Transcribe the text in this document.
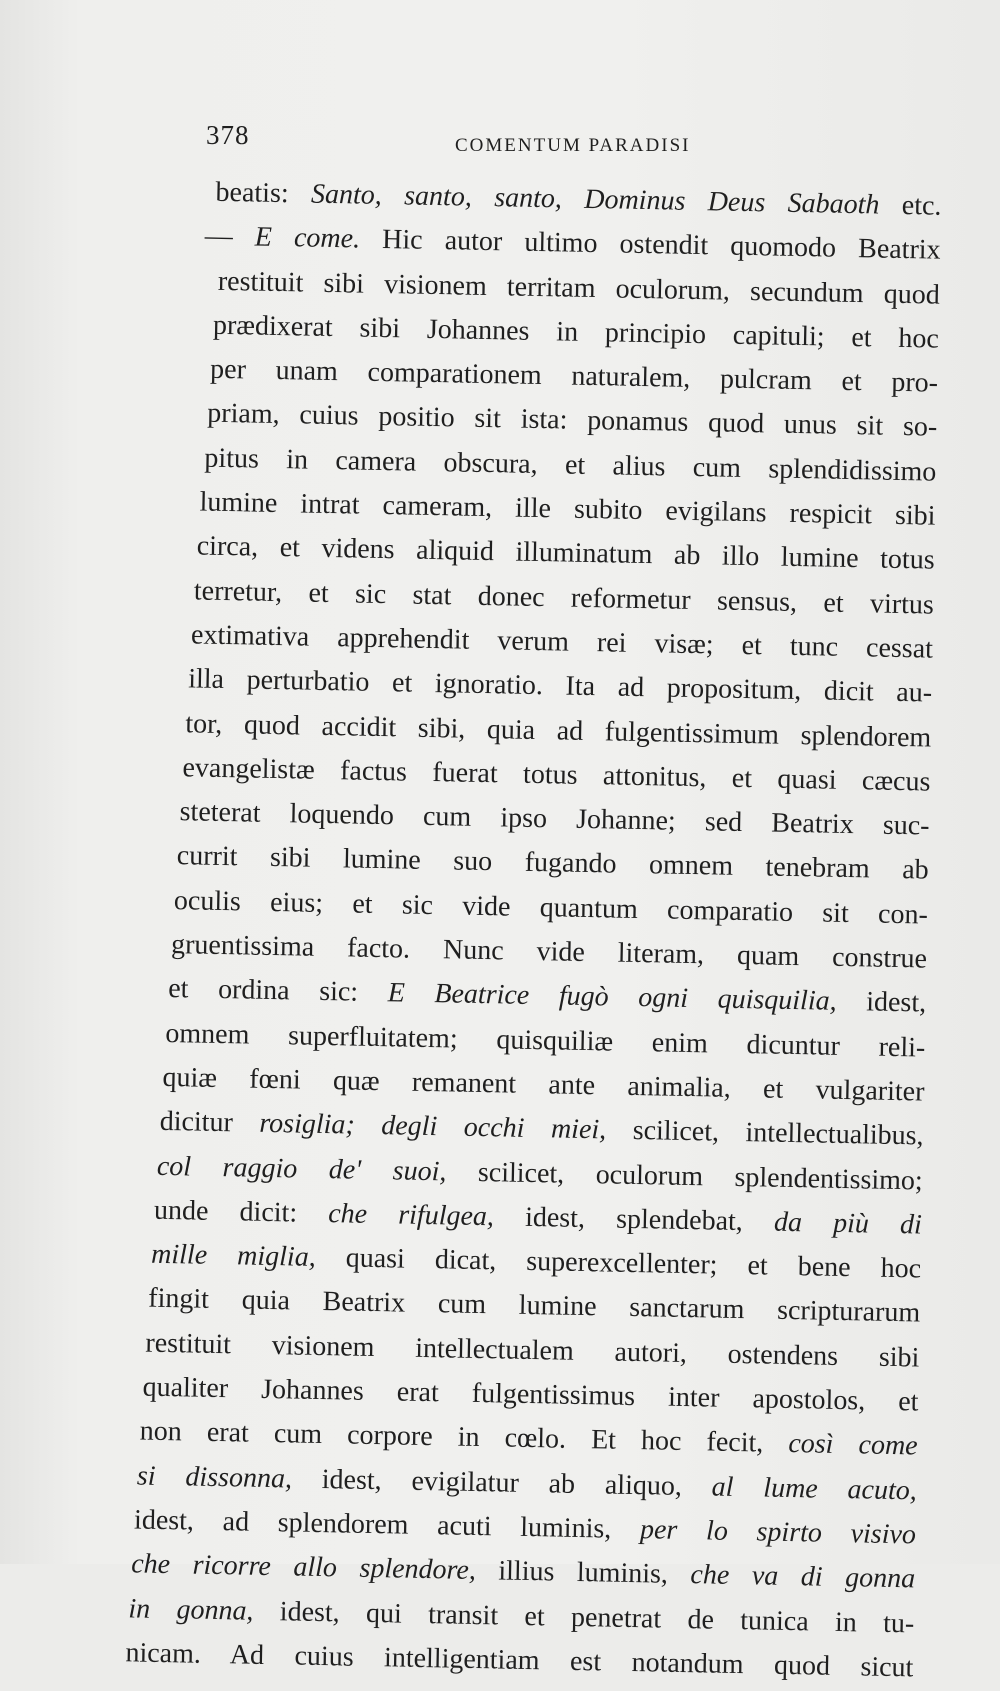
378	COMENTUM PARADISI
beatis: Santo, santo, santo, Dominus Deus Sabaoth etc.
— E come. Hic autor ultimo ostendit quomodo Beatrix
restituit sibi visionem territam oculorum, secundum quod
prædixerat sibi Johannes in principio capituli; et hoc
per unam comparationem naturalem, pulcram et pro-
priam, cuius positio sit ista: ponamus quod unus sit so-
pitus in camera obscura, et alius cum splendidissimo
lumine intrat cameram, ille subito evigilans respicit sibi
circa, et videns aliquid illuminatum ab illo lumine totus
terretur, et sic stat donec reformetur sensus, et virtus
extimativa apprehendit verum rei visæ; et tunc cessat
illa perturbatio et ignoratio. Ita ad propositum, dicit au-
tor, quod accidit sibi, quia ad fulgentissimum splendorem
evangelistæ factus fuerat totus attonitus, et quasi cæcus
steterat loquendo cum ipso Johanne; sed Beatrix suc-
currit sibi lumine suo fugando omnem tenebram ab
oculis eius; et sic vide quantum comparatio sit con-
gruentissima facto. Nunc vide literam, quam construe
et ordina sic: E Beatrice fugò ogni quisquilia, idest,
omnem superfluitatem; quisquiliæ enim dicuntur reli-
quiæ fœni quæ remanent ante animalia, et vulgariter
dicitur rosiglia; degli occhi miei, scilicet, intellectualibus,
col raggio de' suoi, scilicet, oculorum splendentissimo;
unde dicit: che rifulgea, idest, splendebat, da più di
mille miglia, quasi dicat, superexcellenter; et bene hoc
fingit quia Beatrix cum lumine sanctarum scripturarum
restituit visionem intellectualem autori, ostendens sibi
qualiter Johannes erat fulgentissimus inter apostolos, et
non erat cum corpore in cœlo. Et hoc fecit, così come
si dissonna, idest, evigilatur ab aliquo, al lume acuto,
idest, ad splendorem acuti luminis, per lo spirto visivo
che ricorre allo splendore, illius luminis, che va di gonna
in gonna, idest, qui transit et penetrat de tunica in tu-
nicam. Ad cuius intelligentiam est notandum quod sicut
